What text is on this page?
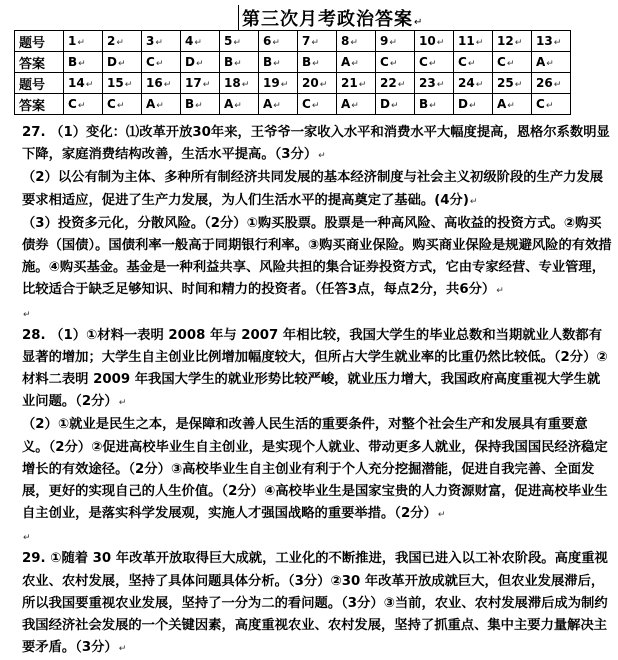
第三次月考政治答案↵
题号	1↵	2↵	3↵	4↵	5↵	6↵	7↵	8↵	9↵	10↵	11↵	12↵	13↵
答案	B↵	D↵	C↵	D↵	B↵	B↵	B↵	A↵	C↵	C↵	C↵	C↵	A↵
题号	14↵	15↵	16↵	17↵	18↵	19↵	20↵	21↵	22↵	23↵	24↵	25↵	26↵
答案	C↵	C↵	A↵	B↵	A↵	A↵	C↵	A↵	D↵	B↵	D↵	A↵	C↵

27. （1）变化：⑴改革开放30年来，王爷爷一家收入水平和消费水平大幅度提高，恩格尔系数明显下降，家庭消费结构改善，生活水平提高。（3分）↵

（2）以公有制为主体、多种所有制经济共同发展的基本经济制度与社会主义初级阶段的生产力发展要求相适应，促进了生产力发展，为人们生活水平的提高奠定了基础。(4分)↵

（3）投资多元化，分散风险。（2分）①购买股票。股票是一种高风险、高收益的投资方式。②购买债券（国债）。国债利率一般高于同期银行利率。③购买商业保险。购买商业保险是规避风险的有效措施。④购买基金。基金是一种利益共享、风险共担的集合证券投资方式，它由专家经营、专业管理，比较适合于缺乏足够知识、时间和精力的投资者。（任答3点，每点2分，共6分）↵

↵

28. （1）①材料一表明 2008 年与 2007 年相比较，我国大学生的毕业总数和当期就业人数都有显著的增加；大学生自主创业比例增加幅度较大，但所占大学生就业率的比重仍然比较低。（2分）②材料二表明 2009 年我国大学生的就业形势比较严峻，就业压力增大，我国政府高度重视大学生就业问题。（2分）↵

（2）①就业是民生之本，是保障和改善人民生活的重要条件，对整个社会生产和发展具有重要意义。（2分）②促进高校毕业生自主创业，是实现个人就业、带动更多人就业，保持我国国民经济稳定增长的有效途径。（2分）③高校毕业生自主创业有利于个人充分挖掘潜能，促进自我完善、全面发展，更好的实现自己的人生价值。（2分）④高校毕业生是国家宝贵的人力资源财富，促进高校毕业生自主创业，是落实科学发展观，实施人才强国战略的重要举措。（2分）↵

↵

29. ①随着 30 年改革开放取得巨大成就，工业化的不断推进，我国已进入以工补农阶段。高度重视农业、农村发展，坚持了具体问题具体分析。（3分）②30 年改革开放成就巨大，但农业发展滞后，所以我国要重视农业发展，坚持了一分为二的看问题。（3分）③当前，农业、农村发展滞后成为制约我国经济社会发展的一个关键因素，高度重视农业、农村发展，坚持了抓重点、集中主要力量解决主要矛盾。（3分）↵
